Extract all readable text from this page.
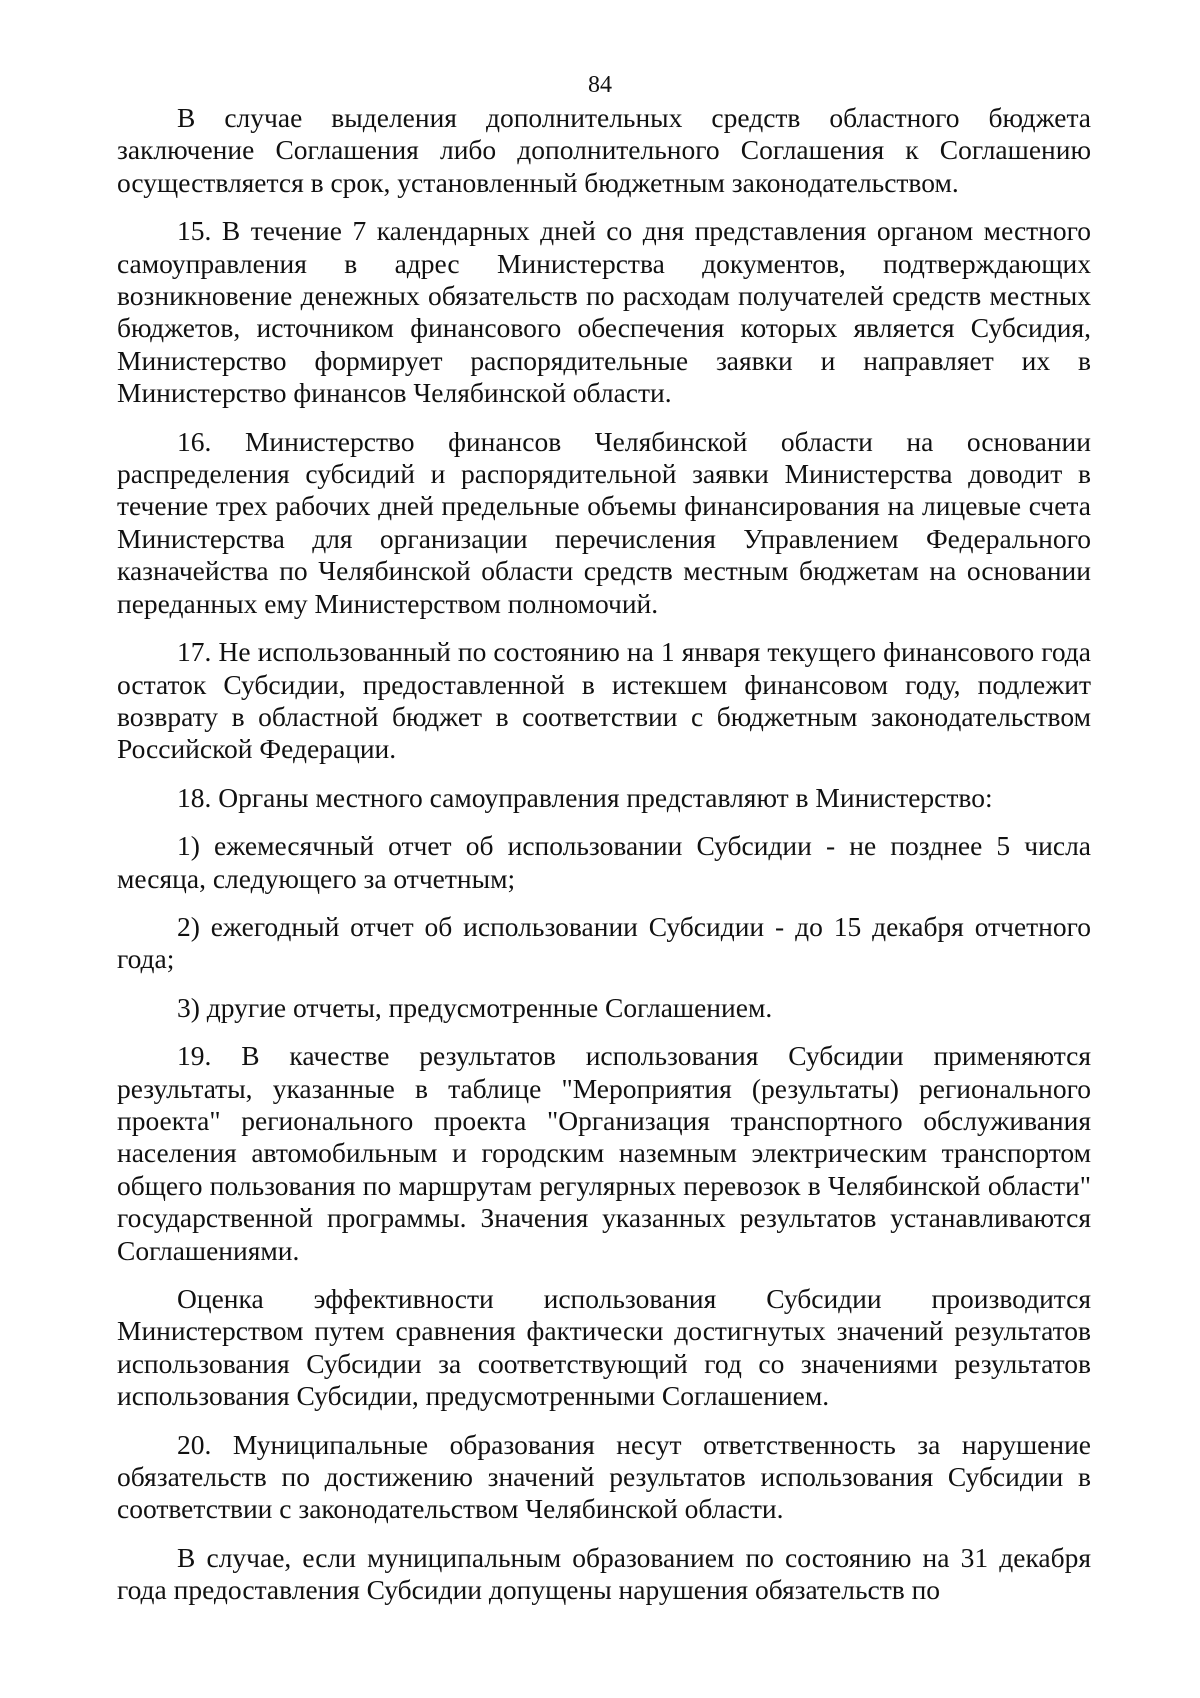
84

В случае выделения дополнительных средств областного бюджета заключение Соглашения либо дополнительного Соглашения к Соглашению осуществляется в срок, установленный бюджетным законодательством.

15. В течение 7 календарных дней со дня представления органом местного самоуправления в адрес Министерства документов, подтверждающих возникновение денежных обязательств по расходам получателей средств местных бюджетов, источником финансового обеспечения которых является Субсидия, Министерство формирует распорядительные заявки и направляет их в Министерство финансов Челябинской области.

16. Министерство финансов Челябинской области на основании распределения субсидий и распорядительной заявки Министерства доводит в течение трех рабочих дней предельные объемы финансирования на лицевые счета Министерства для организации перечисления Управлением Федерального казначейства по Челябинской области средств местным бюджетам на основании переданных ему Министерством полномочий.

17. Не использованный по состоянию на 1 января текущего финансового года остаток Субсидии, предоставленной в истекшем финансовом году, подлежит возврату в областной бюджет в соответствии с бюджетным законодательством Российской Федерации.

18. Органы местного самоуправления представляют в Министерство:

1) ежемесячный отчет об использовании Субсидии - не позднее 5 числа месяца, следующего за отчетным;

2) ежегодный отчет об использовании Субсидии - до 15 декабря отчетного года;

3) другие отчеты, предусмотренные Соглашением.

19. В качестве результатов использования Субсидии применяются результаты, указанные в таблице "Мероприятия (результаты) регионального проекта" регионального проекта "Организация транспортного обслуживания населения автомобильным и городским наземным электрическим транспортом общего пользования по маршрутам регулярных перевозок в Челябинской области" государственной программы. Значения указанных результатов устанавливаются Соглашениями.

Оценка эффективности использования Субсидии производится Министерством путем сравнения фактически достигнутых значений результатов использования Субсидии за соответствующий год со значениями результатов использования Субсидии, предусмотренными Соглашением.

20. Муниципальные образования несут ответственность за нарушение обязательств по достижению значений результатов использования Субсидии в соответствии с законодательством Челябинской области.

В случае, если муниципальным образованием по состоянию на 31 декабря года предоставления Субсидии допущены нарушения обязательств по
